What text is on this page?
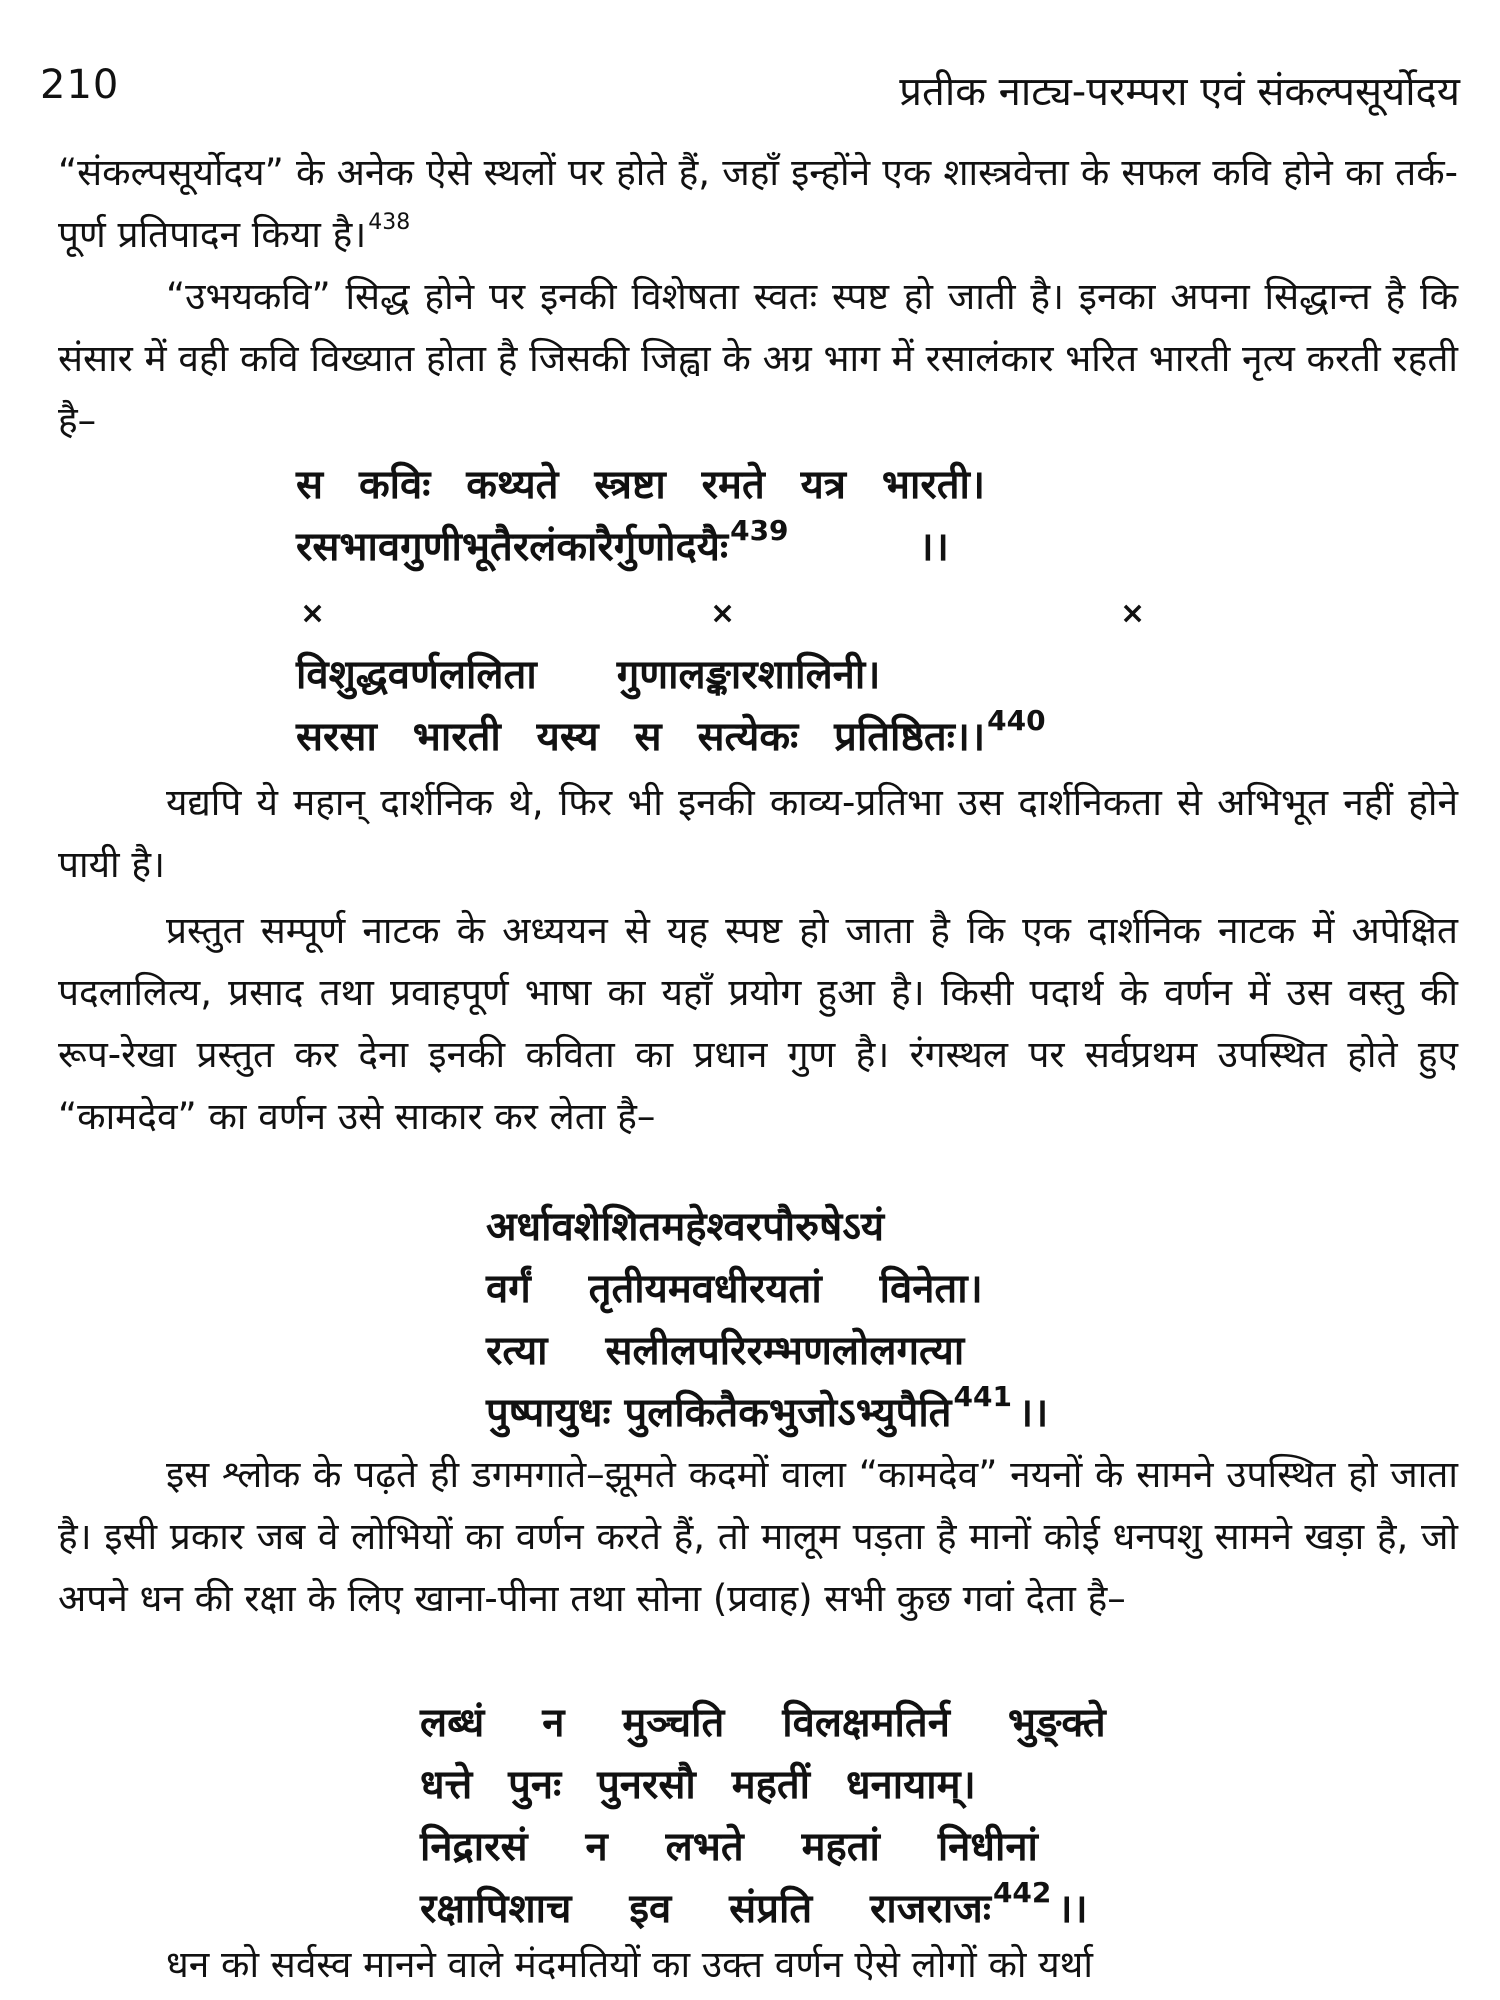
210	प्रतीक नाट्य-परम्परा एवं संकल्पसूर्योदय

“संकल्पसूर्योदय” के अनेक ऐसे स्थलों पर होते हैं, जहाँ इन्होंने एक शास्त्रवेत्ता के सफल कवि होने का तर्क-पूर्ण प्रतिपादन किया है।$^{438}$

“उभयकवि” सिद्ध होने पर इनकी विशेषता स्वतः स्पष्ट हो जाती है। इनका अपना सिद्धान्त है कि संसार में वही कवि विख्यात होता है जिसकी जिह्वा के अग्र भाग में रसालंकार भरित भारती नृत्य करती रहती है–

स कविः कथ्यते स्त्रष्टा रमते यत्र भारती।
रसभावगुणीभूतैरलंकारैर्गुणोदयैः$^{439}$	।।
×	×	×
विशुद्धवर्णललिता गुणालङ्कारशालिनी।
सरसा भारती यस्य स सत्येकः प्रतिष्ठितः।।$^{440}$

यद्यपि ये महान् दार्शनिक थे, फिर भी इनकी काव्य-प्रतिभा उस दार्शनिकता से अभिभूत नहीं होने पायी है।

प्रस्तुत सम्पूर्ण नाटक के अध्ययन से यह स्पष्ट हो जाता है कि एक दार्शनिक नाटक में अपेक्षित पदलालित्य, प्रसाद तथा प्रवाहपूर्ण भाषा का यहाँ प्रयोग हुआ है। किसी पदार्थ के वर्णन में उस वस्तु की रूप-रेखा प्रस्तुत कर देना इनकी कविता का प्रधान गुण है। रंगस्थल पर सर्वप्रथम उपस्थित होते हुए “कामदेव” का वर्णन उसे साकार कर लेता है–

अर्धावशेशितमहेश्वरपौरुषेऽयं
वर्गं तृतीयमवधीरयतां विनेता।
रत्या सलीलपरिरम्भणलोलगत्या
पुष्पायुधः पुलकितैकभुजोऽभ्युपैति$^{441}$ ।।

इस श्लोक के पढ़ते ही डगमगाते–झूमते कदमों वाला “कामदेव” नयनों के सामने उपस्थित हो जाता है। इसी प्रकार जब वे लोभियों का वर्णन करते हैं, तो मालूम पड़ता है मानों कोई धनपशु सामने खड़ा है, जो अपने धन की रक्षा के लिए खाना-पीना तथा सोना (प्रवाह) सभी कुछ गवां देता है–

लब्धं न मुञ्चति विलक्षमतिर्न भुङ्क्ते
धत्ते पुनः पुनरसौ महतीं धनायाम्।
निद्रारसं न लभते महतां निधीनां
रक्षापिशाच इव संप्रति राजराजः$^{442}$ ।।

धन को सर्वस्व मानने वाले मंदमतियों का उक्त वर्णन ऐसे लोगों को यर्था
